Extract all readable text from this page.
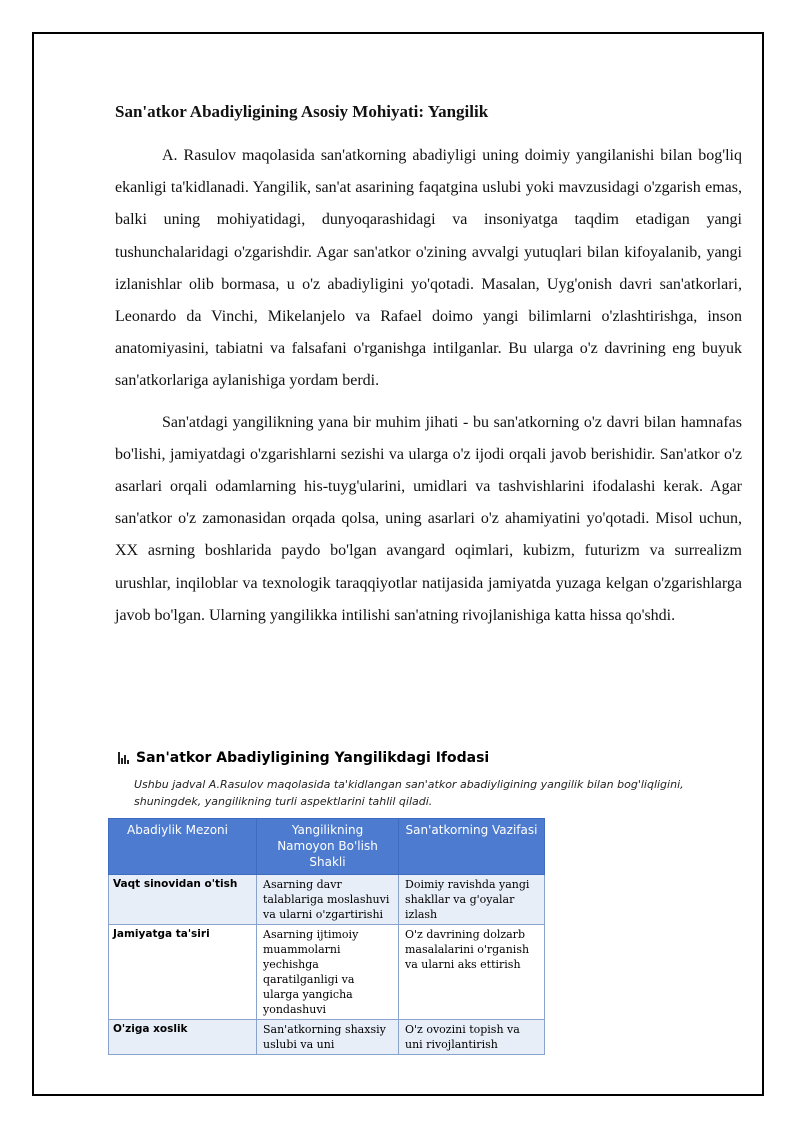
San'atkor Abadiyligining Asosiy Mohiyati: Yangilik

A. Rasulov maqolasida san'atkorning abadiyligi uning doimiy yangilanishi bilan bog'liq ekanligi ta'kidlanadi. Yangilik, san'at asarining faqatgina uslubi yoki mavzusidagi o'zgarish emas, balki uning mohiyatidagi, dunyoqarashidagi va insoniyatga taqdim etadigan yangi tushunchalaridagi o'zgarishdir. Agar san'atkor o'zining avvalgi yutuqlari bilan kifoyalanib, yangi izlanishlar olib bormasa, u o'z abadiyligini yo'qotadi. Masalan, Uyg'onish davri san'atkorlari, Leonardo da Vinchi, Mikelanjelo va Rafael doimo yangi bilimlarni o'zlashtirishga, inson anatomiyasini, tabiatni va falsafani o'rganishga intilganlar. Bu ularga o'z davrining eng buyuk san'atkorlariga aylanishiga yordam berdi.

San'atdagi yangilikning yana bir muhim jihati - bu san'atkorning o'z davri bilan hamnafas bo'lishi, jamiyatdagi o'zgarishlarni sezishi va ularga o'z ijodi orqali javob berishidir. San'atkor o'z asarlari orqali odamlarning his-tuyg'ularini, umidlari va tashvishlarini ifodalashi kerak. Agar san'atkor o'z zamonasidan orqada qolsa, uning asarlari o'z ahamiyatini yo'qotadi. Misol uchun, XX asrning boshlarida paydo bo'lgan avangard oqimlari, kubizm, futurizm va surrealizm urushlar, inqiloblar va texnologik taraqqiyotlar natijasida jamiyatda yuzaga kelgan o'zgarishlarga javob bo'lgan. Ularning yangilikka intilishi san'atning rivojlanishiga katta hissa qo'shdi.

San'atkor Abadiyligining Yangilikdagi Ifodasi
Ushbu jadval A.Rasulov maqolasida ta'kidlangan san'atkor abadiyligining yangilik bilan bog'liqligini, shuningdek, yangilikning turli aspektlarini tahlil qiladi.
Abadiylik Mezoni	Yangilikning Namoyon Bo'lish Shakli	San'atkorning Vazifasi
Vaqt sinovidan o'tish	Asarning davr talablariga moslashuvi va ularni o'zgartirishi	Doimiy ravishda yangi shakllar va g'oyalar izlash
Jamiyatga ta'siri	Asarning ijtimoiy muammolarni yechishga qaratilganligi va ularga yangicha yondashuvi	O'z davrining dolzarb masalalarini o'rganish va ularni aks ettirish
O'ziga xoslik	San'atkorning shaxsiy uslubi va uni	O'z ovozini topish va uni rivojlantirish
